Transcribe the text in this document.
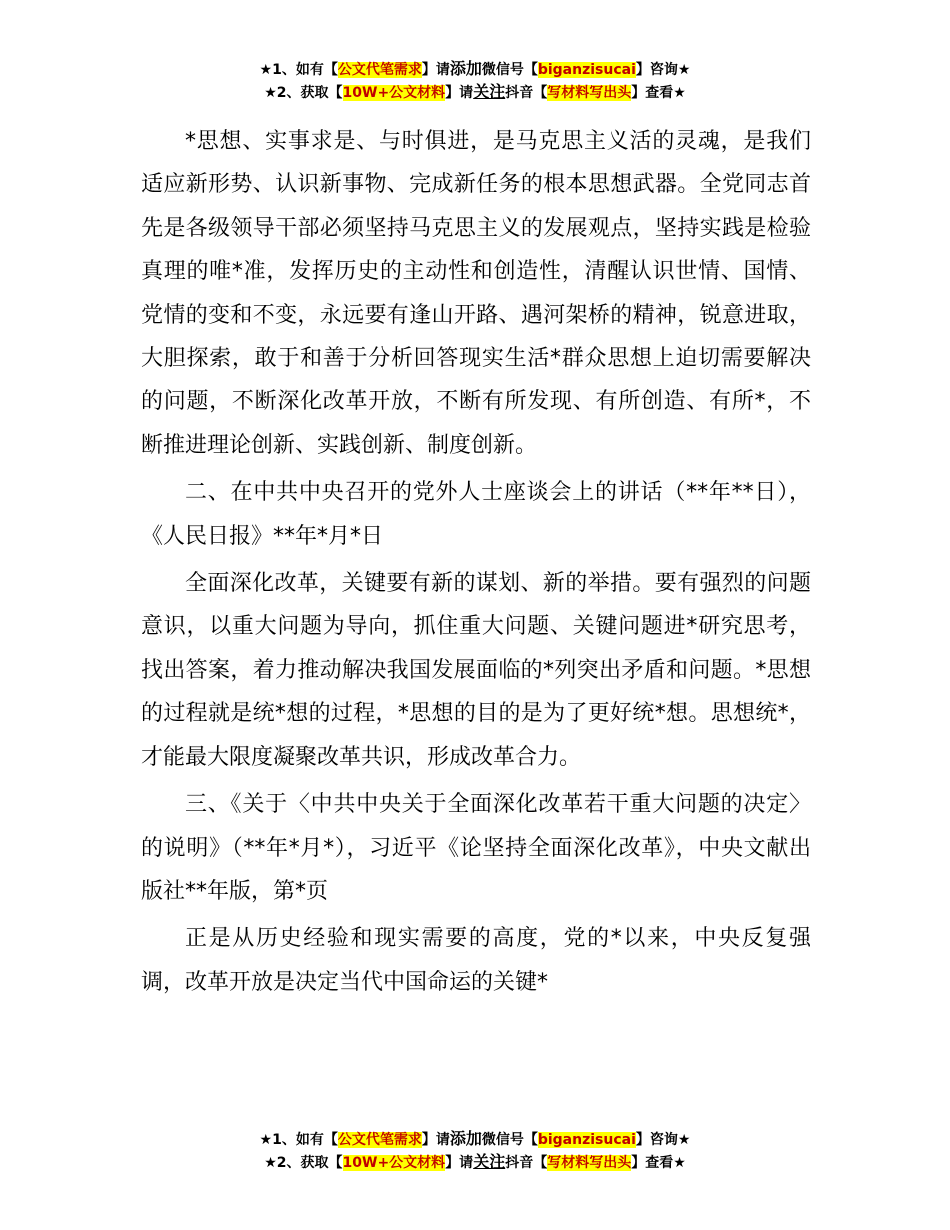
★1、如有【公文代笔需求】请添加微信号【biganzisucai】咨询★
★2、获取【10W+公文材料】请关注抖音【写材料写出头】查看★

*思想、实事求是、与时俱进，是马克思主义活的灵魂，是我们适应新形势、认识新事物、完成新任务的根本思想武器。全党同志首先是各级领导干部必须坚持马克思主义的发展观点，坚持实践是检验真理的唯*准，发挥历史的主动性和创造性，清醒认识世情、国情、党情的变和不变，永远要有逢山开路、遇河架桥的精神，锐意进取，大胆探索，敢于和善于分析回答现实生活*群众思想上迫切需要解决的问题，不断深化改革开放，不断有所发现、有所创造、有所*，不断推进理论创新、实践创新、制度创新。

二、在中共中央召开的党外人士座谈会上的讲话（**年**日），《人民日报》**年*月*日

全面深化改革，关键要有新的谋划、新的举措。要有强烈的问题意识，以重大问题为导向，抓住重大问题、关键问题进*研究思考，找出答案，着力推动解决我国发展面临的*列突出矛盾和问题。*思想的过程就是统*想的过程，*思想的目的是为了更好统*想。思想统*，才能最大限度凝聚改革共识，形成改革合力。

三、《关于〈中共中央关于全面深化改革若干重大问题的决定〉的说明》（**年*月*），习近平《论坚持全面深化改革》，中央文献出版社**年版，第*页

正是从历史经验和现实需要的高度，党的*以来，中央反复强调，改革开放是决定当代中国命运的关键*

★1、如有【公文代笔需求】请添加微信号【biganzisucai】咨询★
★2、获取【10W+公文材料】请关注抖音【写材料写出头】查看★
